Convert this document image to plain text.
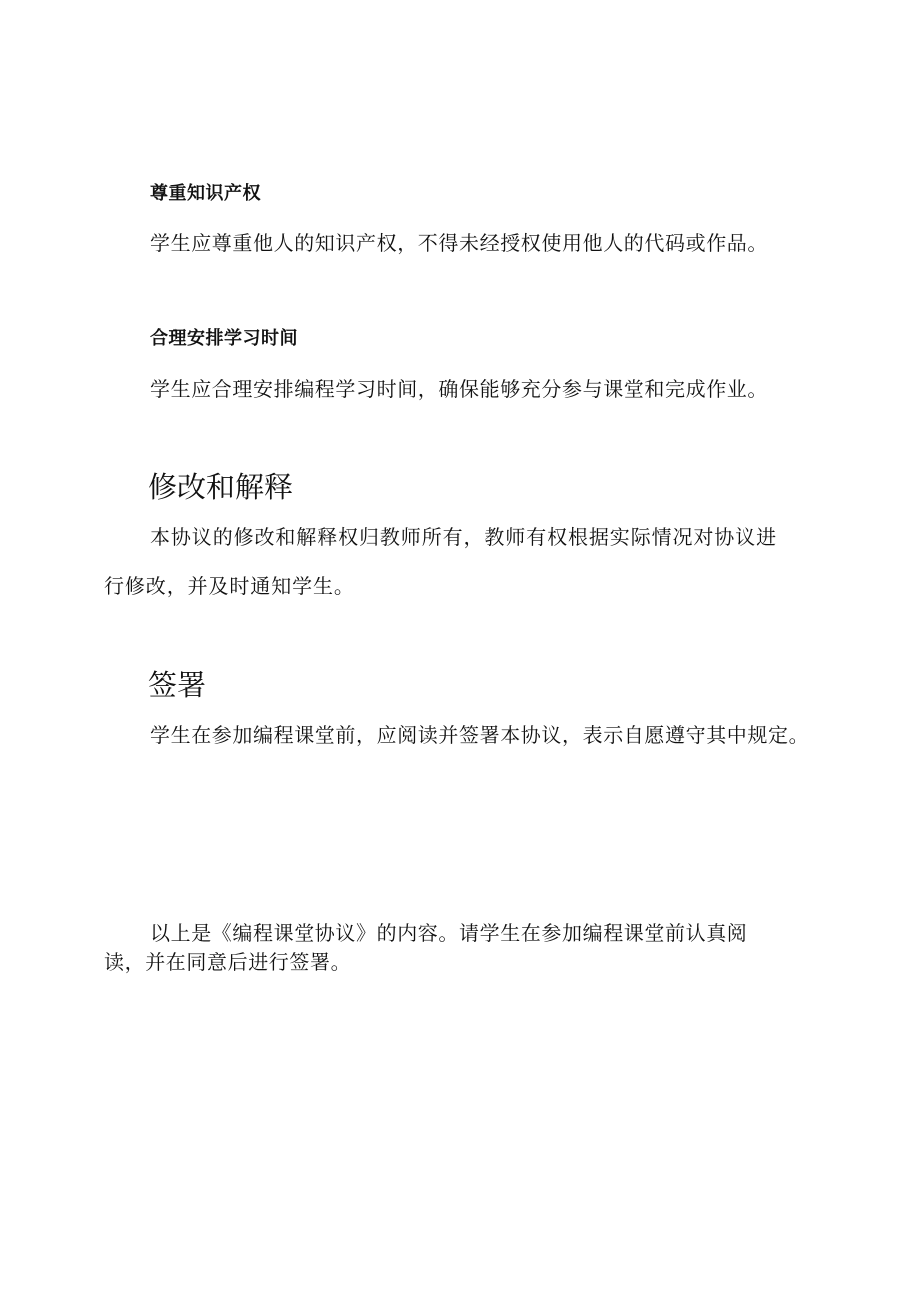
尊重知识产权
学生应尊重他人的知识产权，不得未经授权使用他人的代码或作品。
合理安排学习时间
学生应合理安排编程学习时间，确保能够充分参与课堂和完成作业。
修改和解释
本协议的修改和解释权归教师所有，教师有权根据实际情况对协议进
行修改，并及时通知学生。
签署
学生在参加编程课堂前，应阅读并签署本协议，表示自愿遵守其中规定。
以上是《编程课堂协议》的内容。请学生在参加编程课堂前认真阅
读，并在同意后进行签署。
